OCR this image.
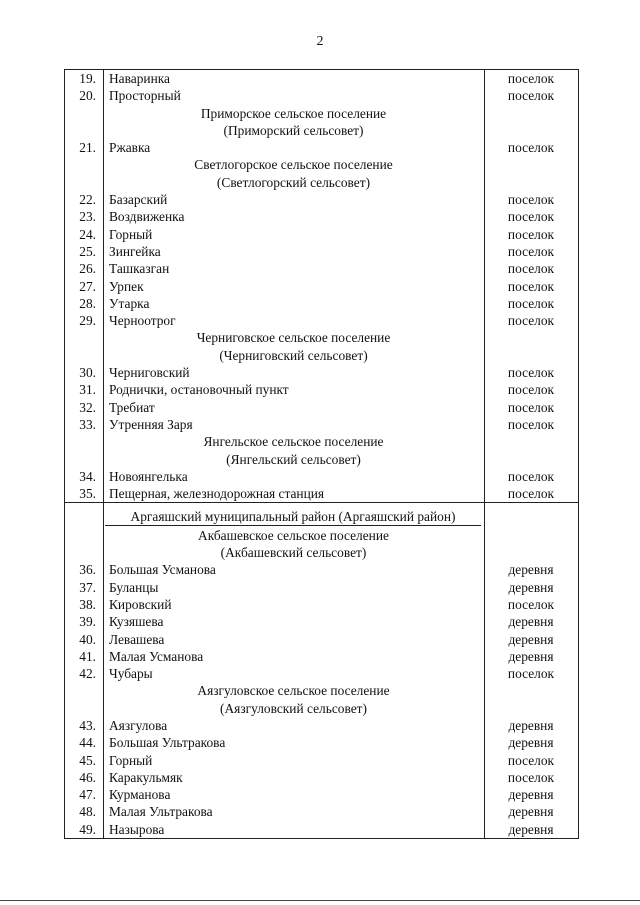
2
19. Наваринка	поселок
20. Просторный	поселок
Приморское сельское поселение
(Приморский сельсовет)
21. Ржавка	поселок
Светлогорское сельское поселение
(Светлогорский сельсовет)
22. Базарский	поселок
23. Воздвиженка	поселок
24. Горный	поселок
25. Зингейка	поселок
26. Ташказган	поселок
27. Урпек	поселок
28. Утарка	поселок
29. Черноотрог	поселок
Черниговское сельское поселение
(Черниговский сельсовет)
30. Черниговский	поселок
31. Роднички, остановочный пункт	поселок
32. Требиат	поселок
33. Утренняя Заря	поселок
Янгельское сельское поселение
(Янгельский сельсовет)
34. Новоянгелька	поселок
35. Пещерная, железнодорожная станция	поселок
Аргаяшский муниципальный район (Аргаяшский район)
Акбашевское сельское поселение
(Акбашевский сельсовет)
36. Большая Усманова	деревня
37. Буланцы	деревня
38. Кировский	поселок
39. Кузяшева	деревня
40. Левашева	деревня
41. Малая Усманова	деревня
42. Чубары	поселок
Аязгуловское сельское поселение
(Аязгуловский сельсовет)
43. Аязгулова	деревня
44. Большая Ультракова	деревня
45. Горный	поселок
46. Каракульмяк	поселок
47. Курманова	деревня
48. Малая Ультракова	деревня
49. Назырова	деревня
